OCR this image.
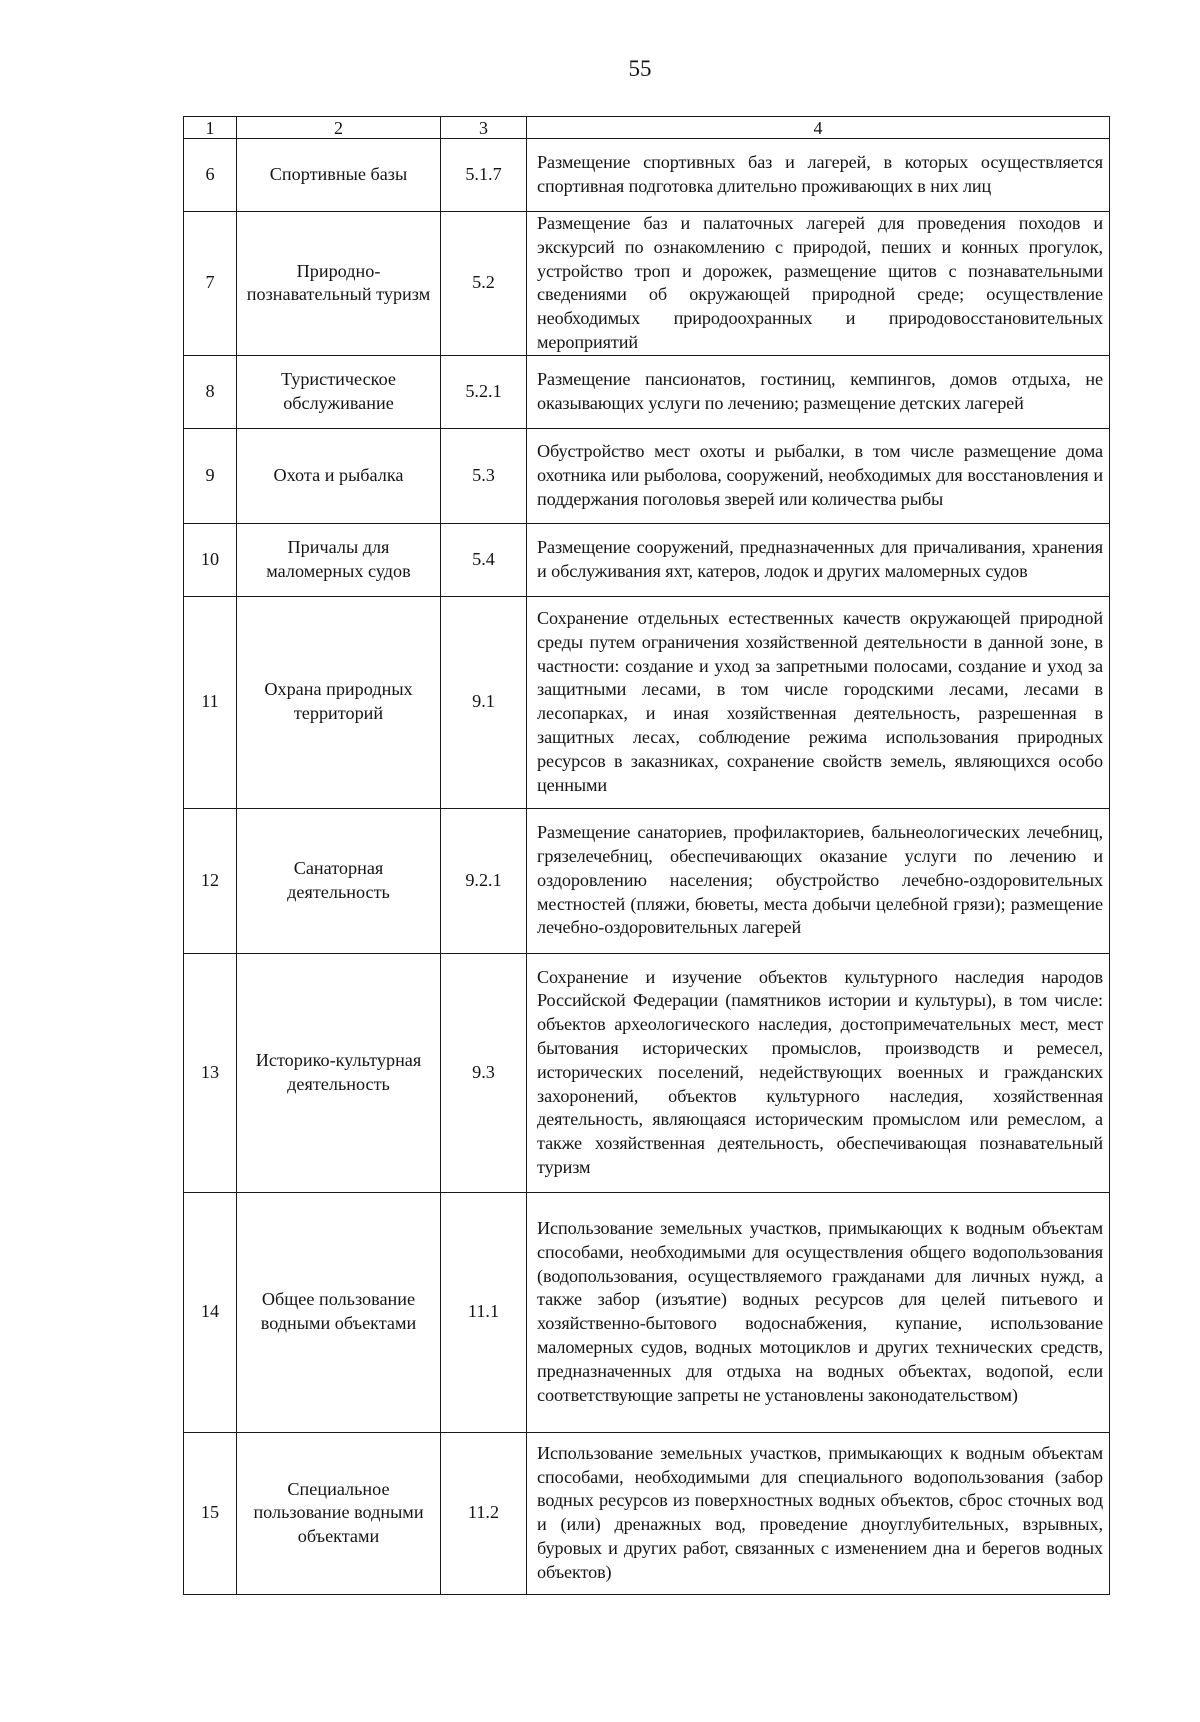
55
1	2	3	4
6	Спортивные базы	5.1.7	Размещение спортивных баз и лагерей, в которых осуществляется спортивная подготовка длительно проживающих в них лиц
7	Природно-познавательный туризм	5.2	Размещение баз и палаточных лагерей для проведения походов и экскурсий по ознакомлению с природой, пеших и конных прогулок, устройство троп и дорожек, размещение щитов с познавательными сведениями об окружающей природной среде; осуществление необходимых природоохранных и природовосстановительных мероприятий
8	Туристическое обслуживание	5.2.1	Размещение пансионатов, гостиниц, кемпингов, домов отдыха, не оказывающих услуги по лечению; размещение детских лагерей
9	Охота и рыбалка	5.3	Обустройство мест охоты и рыбалки, в том числе размещение дома охотника или рыболова, сооружений, необходимых для восстановления и поддержания поголовья зверей или количества рыбы
10	Причалы для маломерных судов	5.4	Размещение сооружений, предназначенных для причаливания, хранения и обслуживания яхт, катеров, лодок и других маломерных судов
11	Охрана природных территорий	9.1	Сохранение отдельных естественных качеств окружающей природной среды путем ограничения хозяйственной деятельности в данной зоне, в частности: создание и уход за запретными полосами, создание и уход за защитными лесами, в том числе городскими лесами, лесами в лесопарках, и иная хозяйственная деятельность, разрешенная в защитных лесах, соблюдение режима использования природных ресурсов в заказниках, сохранение свойств земель, являющихся особо ценными
12	Санаторная деятельность	9.2.1	Размещение санаториев, профилакториев, бальнеологических лечебниц, грязелечебниц, обеспечивающих оказание услуги по лечению и оздоровлению населения; обустройство лечебно-оздоровительных местностей (пляжи, бюветы, места добычи целебной грязи); размещение лечебно-оздоровительных лагерей
13	Историко-культурная деятельность	9.3	Сохранение и изучение объектов культурного наследия народов Российской Федерации (памятников истории и культуры), в том числе: объектов археологического наследия, достопримечательных мест, мест бытования исторических промыслов, производств и ремесел, исторических поселений, недействующих военных и гражданских захоронений, объектов культурного наследия, хозяйственная деятельность, являющаяся историческим промыслом или ремеслом, а также хозяйственная деятельность, обеспечивающая познавательный туризм
14	Общее пользование водными объектами	11.1	Использование земельных участков, примыкающих к водным объектам способами, необходимыми для осуществления общего водопользования (водопользования, осуществляемого гражданами для личных нужд, а также забор (изъятие) водных ресурсов для целей питьевого и хозяйственно-бытового водоснабжения, купание, использование маломерных судов, водных мотоциклов и других технических средств, предназначенных для отдыха на водных объектах, водопой, если соответствующие запреты не установлены законодательством)
15	Специальное пользование водными объектами	11.2	Использование земельных участков, примыкающих к водным объектам способами, необходимыми для специального водопользования (забор водных ресурсов из поверхностных водных объектов, сброс сточных вод и (или) дренажных вод, проведение дноуглубительных, взрывных, буровых и других работ, связанных с изменением дна и берегов водных объектов)
